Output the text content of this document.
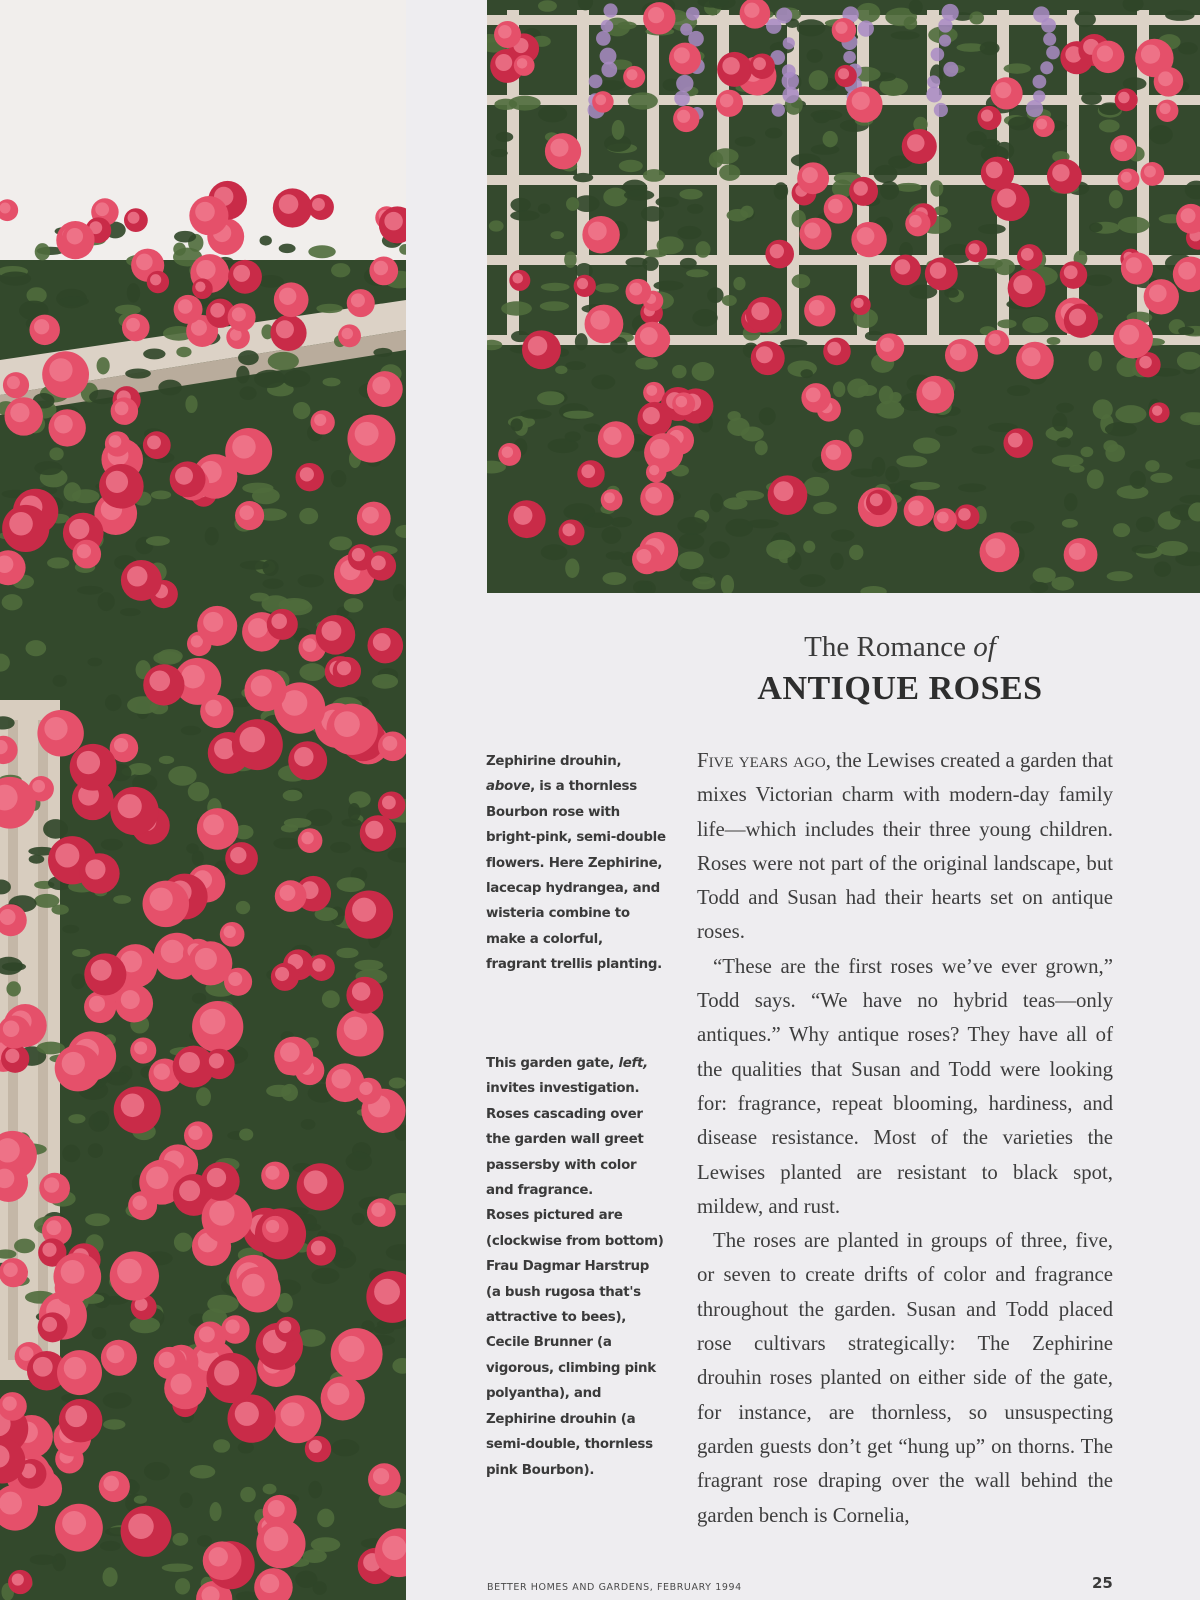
The Romance of
ANTIQUE ROSES

Zephirine drouhin, above, is a thornless Bourbon rose with bright-pink, semi-double flowers. Here Zephirine, lacecap hydrangea, and wisteria combine to make a colorful, fragrant trellis planting.

This garden gate, left, invites investigation. Roses cascading over the garden wall greet passersby with color and fragrance.

Roses pictured are (clockwise from bottom) Frau Dagmar Harstrup (a bush rugosa that's attractive to bees), Cecile Brunner (a vigorous, climbing pink polyantha), and Zephirine drouhin (a semi-double, thornless pink Bourbon).

Five years ago, the Lewises created a garden that mixes Victorian charm with modern-day family life—which includes their three young children. Roses were not part of the original landscape, but Todd and Susan had their hearts set on antique roses.

“These are the first roses we’ve ever grown,” Todd says. “We have no hybrid teas—only antiques.” Why antique roses? They have all of the qualities that Susan and Todd were looking for: fragrance, repeat blooming, hardiness, and disease resistance. Most of the varieties the Lewises planted are resistant to black spot, mildew, and rust.

The roses are planted in groups of three, five, or seven to create drifts of color and fragrance throughout the garden. Susan and Todd placed rose cultivars strategically: The Zephirine drouhin roses planted on either side of the gate, for instance, are thornless, so unsuspecting garden guests don’t get “hung up” on thorns. The fragrant rose draping over the wall behind the garden bench is Cornelia,

BETTER HOMES AND GARDENS, FEBRUARY 1994	25
